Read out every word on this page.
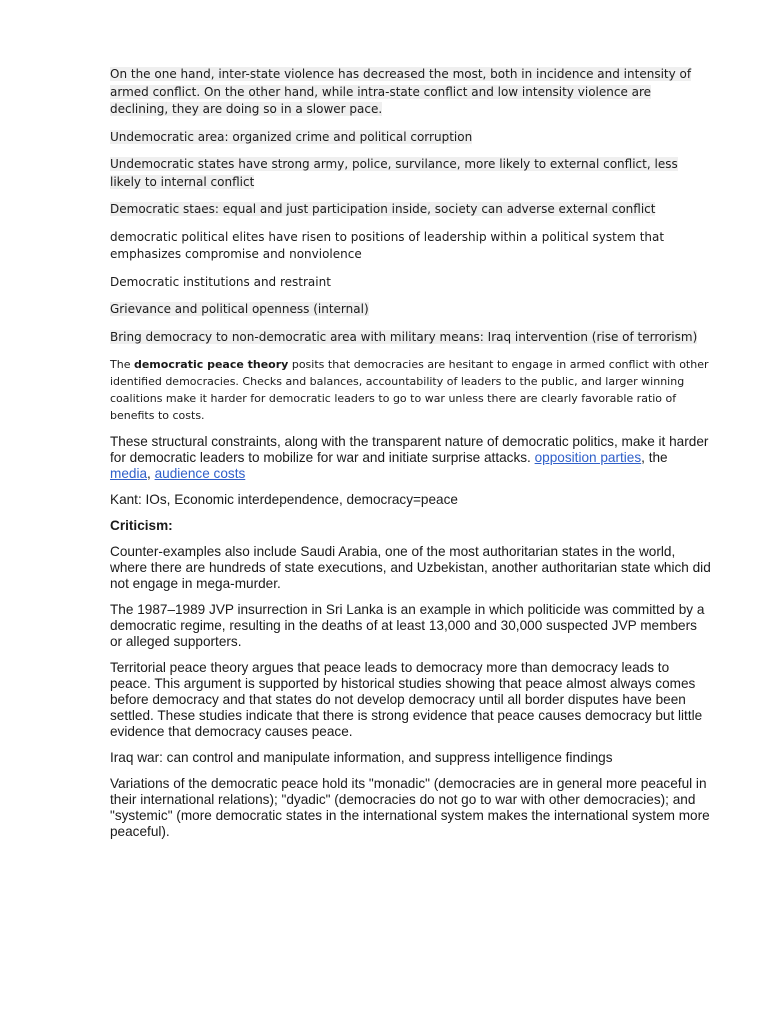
On the one hand, inter-state violence has decreased the most, both in incidence and intensity of armed conflict. On the other hand, while intra-state conflict and low intensity violence are declining, they are doing so in a slower pace.

Undemocratic area: organized crime and political corruption

Undemocratic states have strong army, police, survilance, more likely to external conflict, less likely to internal conflict

Democratic staes: equal and just participation inside, society can adverse external conflict

democratic political elites have risen to positions of leadership within a political system that emphasizes compromise and nonviolence

Democratic institutions and restraint

Grievance and political openness (internal)

Bring democracy to non-democratic area with military means: Iraq intervention (rise of terrorism)

The democratic peace theory posits that democracies are hesitant to engage in armed conflict with other identified democracies. Checks and balances, accountability of leaders to the public, and larger winning coalitions make it harder for democratic leaders to go to war unless there are clearly favorable ratio of benefits to costs.

These structural constraints, along with the transparent nature of democratic politics, make it harder for democratic leaders to mobilize for war and initiate surprise attacks. opposition parties, the media, audience costs

Kant: IOs, Economic interdependence, democracy=peace

Criticism:

Counter-examples also include Saudi Arabia, one of the most authoritarian states in the world, where there are hundreds of state executions, and Uzbekistan, another authoritarian state which did not engage in mega-murder.

The 1987–1989 JVP insurrection in Sri Lanka is an example in which politicide was committed by a democratic regime, resulting in the deaths of at least 13,000 and 30,000 suspected JVP members or alleged supporters.

Territorial peace theory argues that peace leads to democracy more than democracy leads to peace. This argument is supported by historical studies showing that peace almost always comes before democracy and that states do not develop democracy until all border disputes have been settled. These studies indicate that there is strong evidence that peace causes democracy but little evidence that democracy causes peace.

Iraq war: can control and manipulate information, and suppress intelligence findings

Variations of the democratic peace hold its "monadic" (democracies are in general more peaceful in their international relations); "dyadic" (democracies do not go to war with other democracies); and "systemic" (more democratic states in the international system makes the international system more peaceful).
